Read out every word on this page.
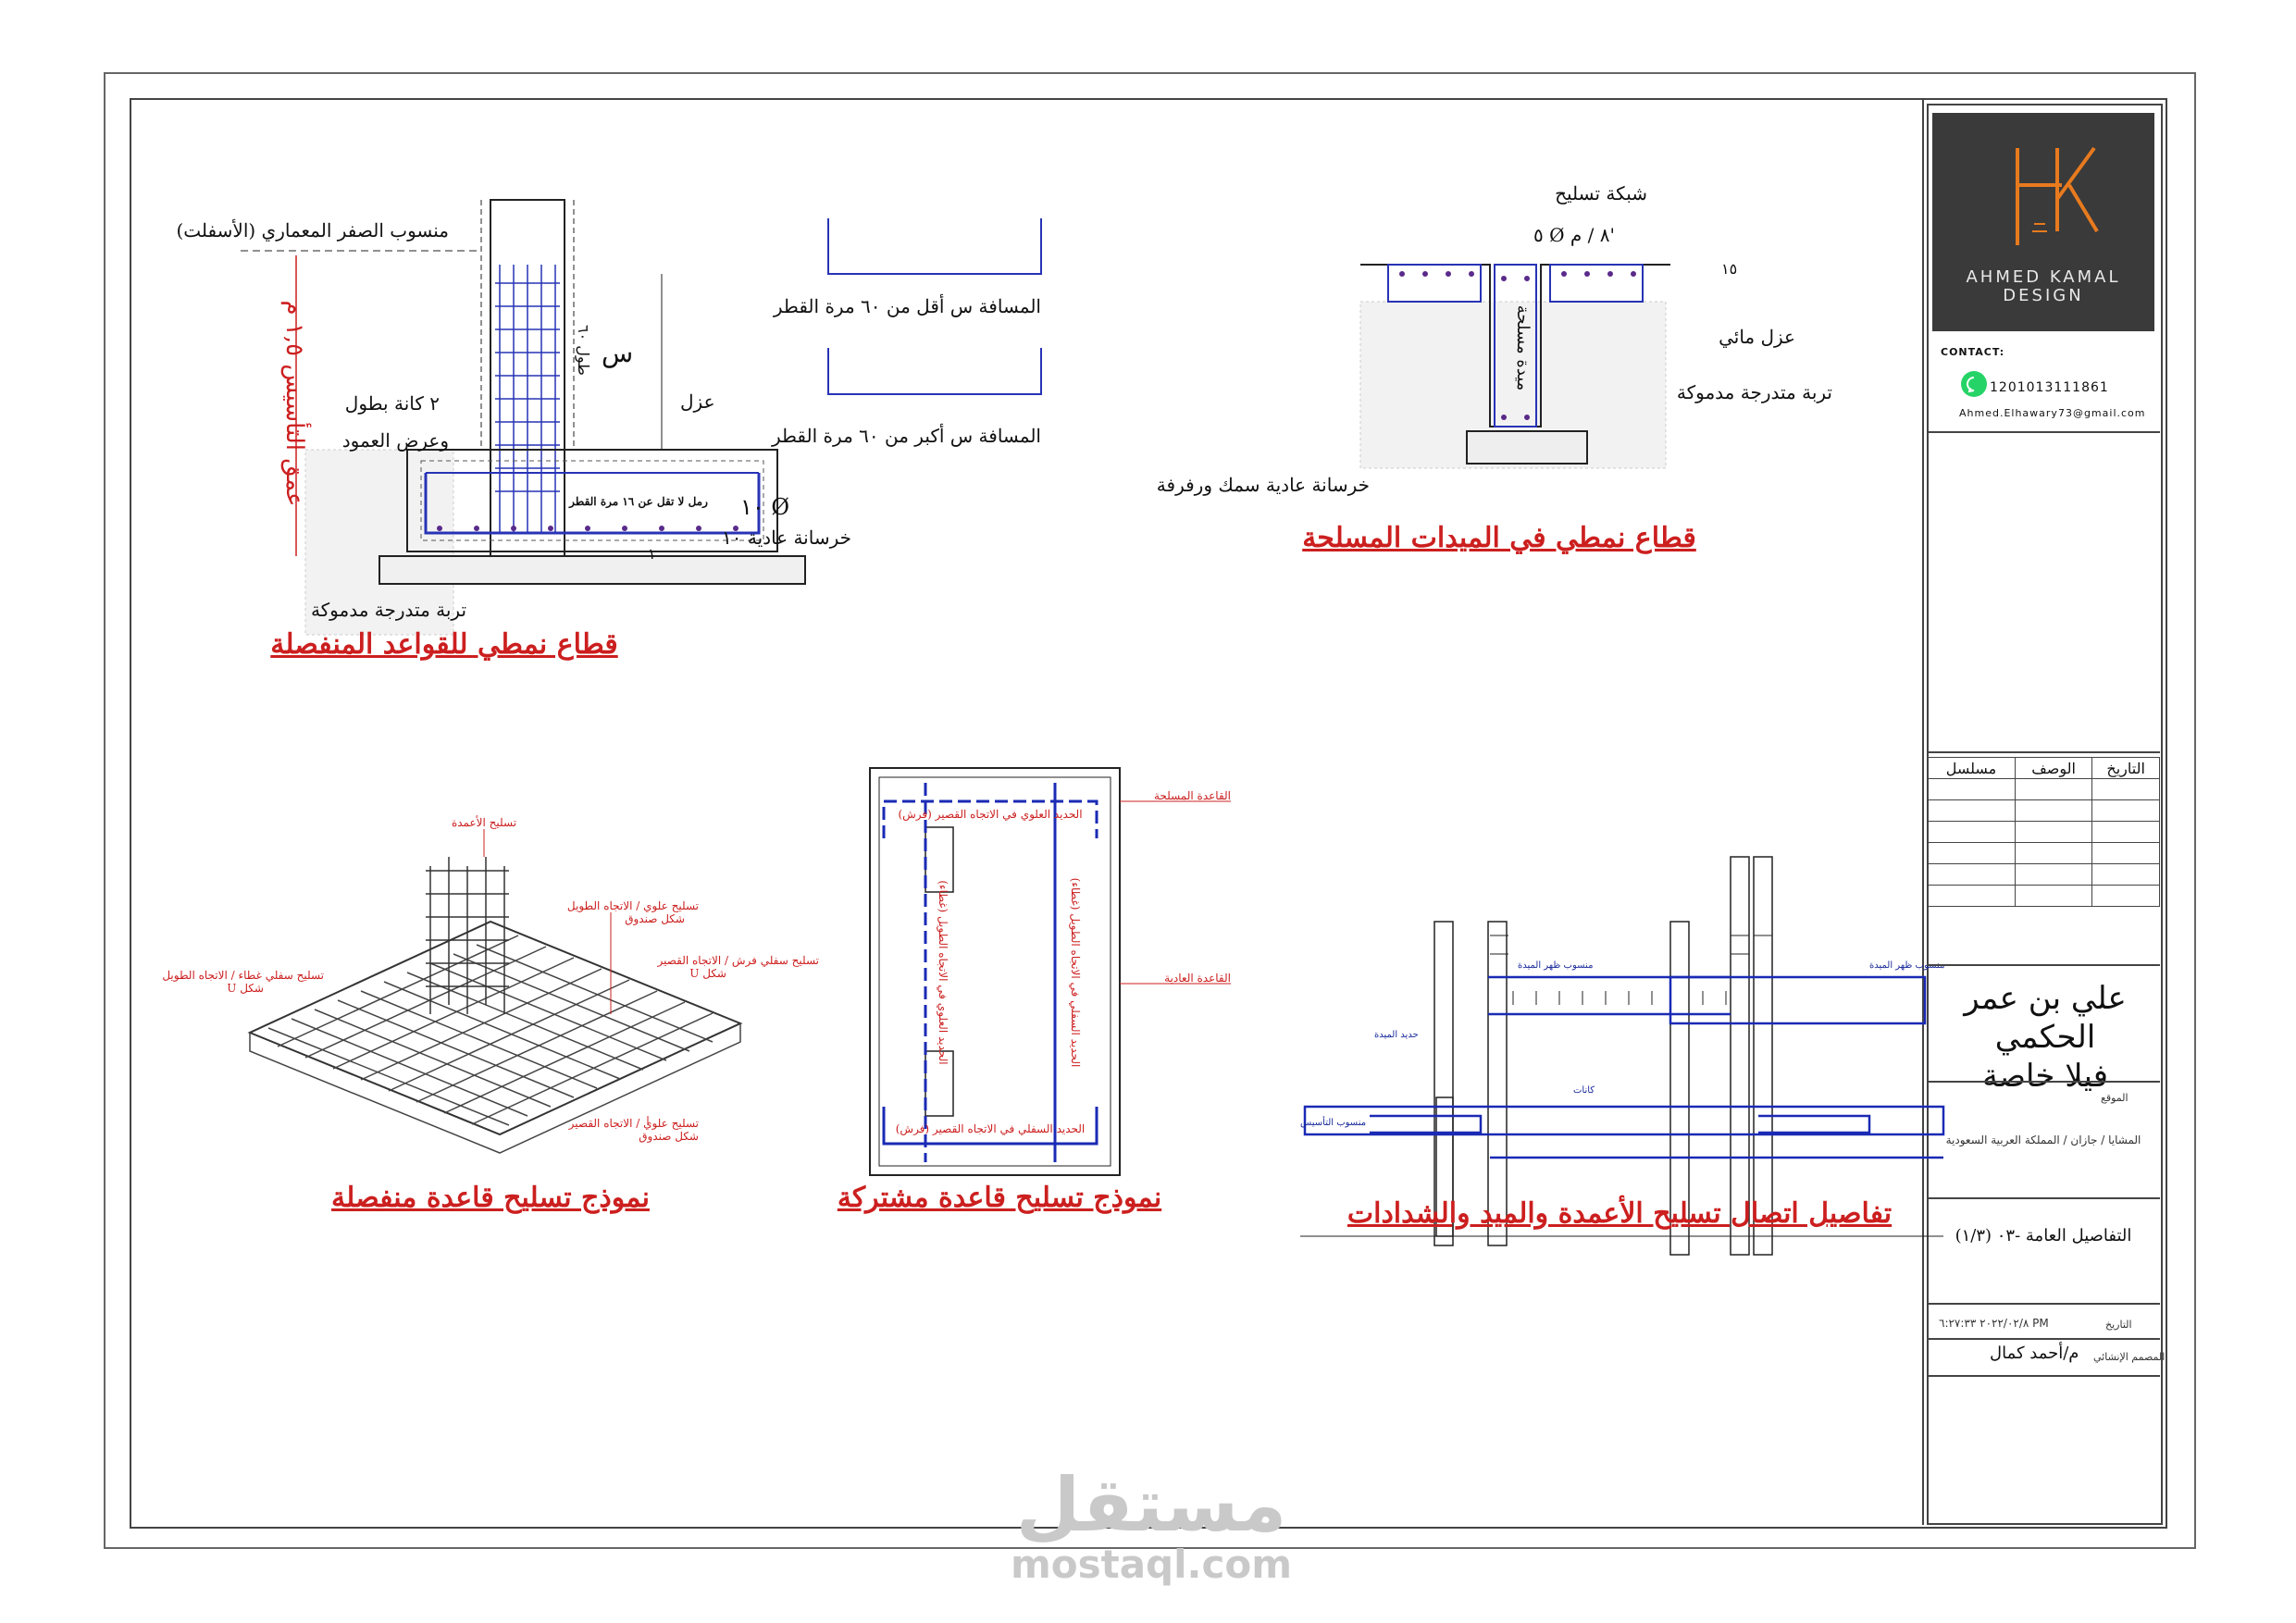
منسوب الصفر المعماري (الأسفلت)
عمق التأسيس ١,٥ م
س
طول ٦٠
عزل
٢ كانة بطول
وعرض العمود
رمل لا تقل عن ١٦ مرة القطر ١٠ Ø
خرسانة عادية ١٠
١
تربة متدرجة مدموكة
قطاع نمطي للقواعد المنفصلة
المسافة س أقل من ٦٠ مرة القطر
المسافة س أكبر من ٦٠ مرة القطر
شبكة تسليح
٥ Ø ٨ / م'
١٥
عزل مائي
تربة متدرجة مدموكة
خرسانة عادية سمك ورفرفة
ميدة مسلحة
قطاع نمطي في الميدات المسلحة
تسليح الأعمدة
تسليح علوي / الاتجاه الطويل
شكل صندوق
تسليح سفلي فرش / الاتجاه القصير
U شكل
تسليح سفلي غطاء / الاتجاه الطويل
U شكل
تسليح علوي / الاتجاه القصير
شكل صندوق
نموذج تسليح قاعدة منفصلة
القاعدة المسلحة
القاعدة العادية
الحديد العلوي في الاتجاه القصير (فرش)
الحديد السفلي في الاتجاه القصير (فرش)
الحديد العلوي في الاتجاه الطويل (غطاء)	الحديد السفلي في الاتجاه الطويل (غطاء)
نموذج تسليح قاعدة مشتركة
منسوب ظهر الميدة	منسوب ظهر الميدة
حديد الميدة
كانات
منسوب التأسيس
تفاصيل اتصال تسليح الأعمدة والميد والشدادات
AHMED KAMAL
DESIGN
CONTACT:
1201013111861
Ahmed.Elhawary73@gmail.com
مسلسل	الوصف	التاريخ

علي بن عمر الحكمي
فيلا خاصة
الموقع
المشايا / جازان / المملكة العربية السعودية
(١/٣) التفاصيل العامة -٠٣
التاريخ
٢٠٢٢/٠٢/٨ ٦:٢٧:٣٣ PM
المصمم الإنشائي
م/أحمد كمال
مستقل
mostaql.com
